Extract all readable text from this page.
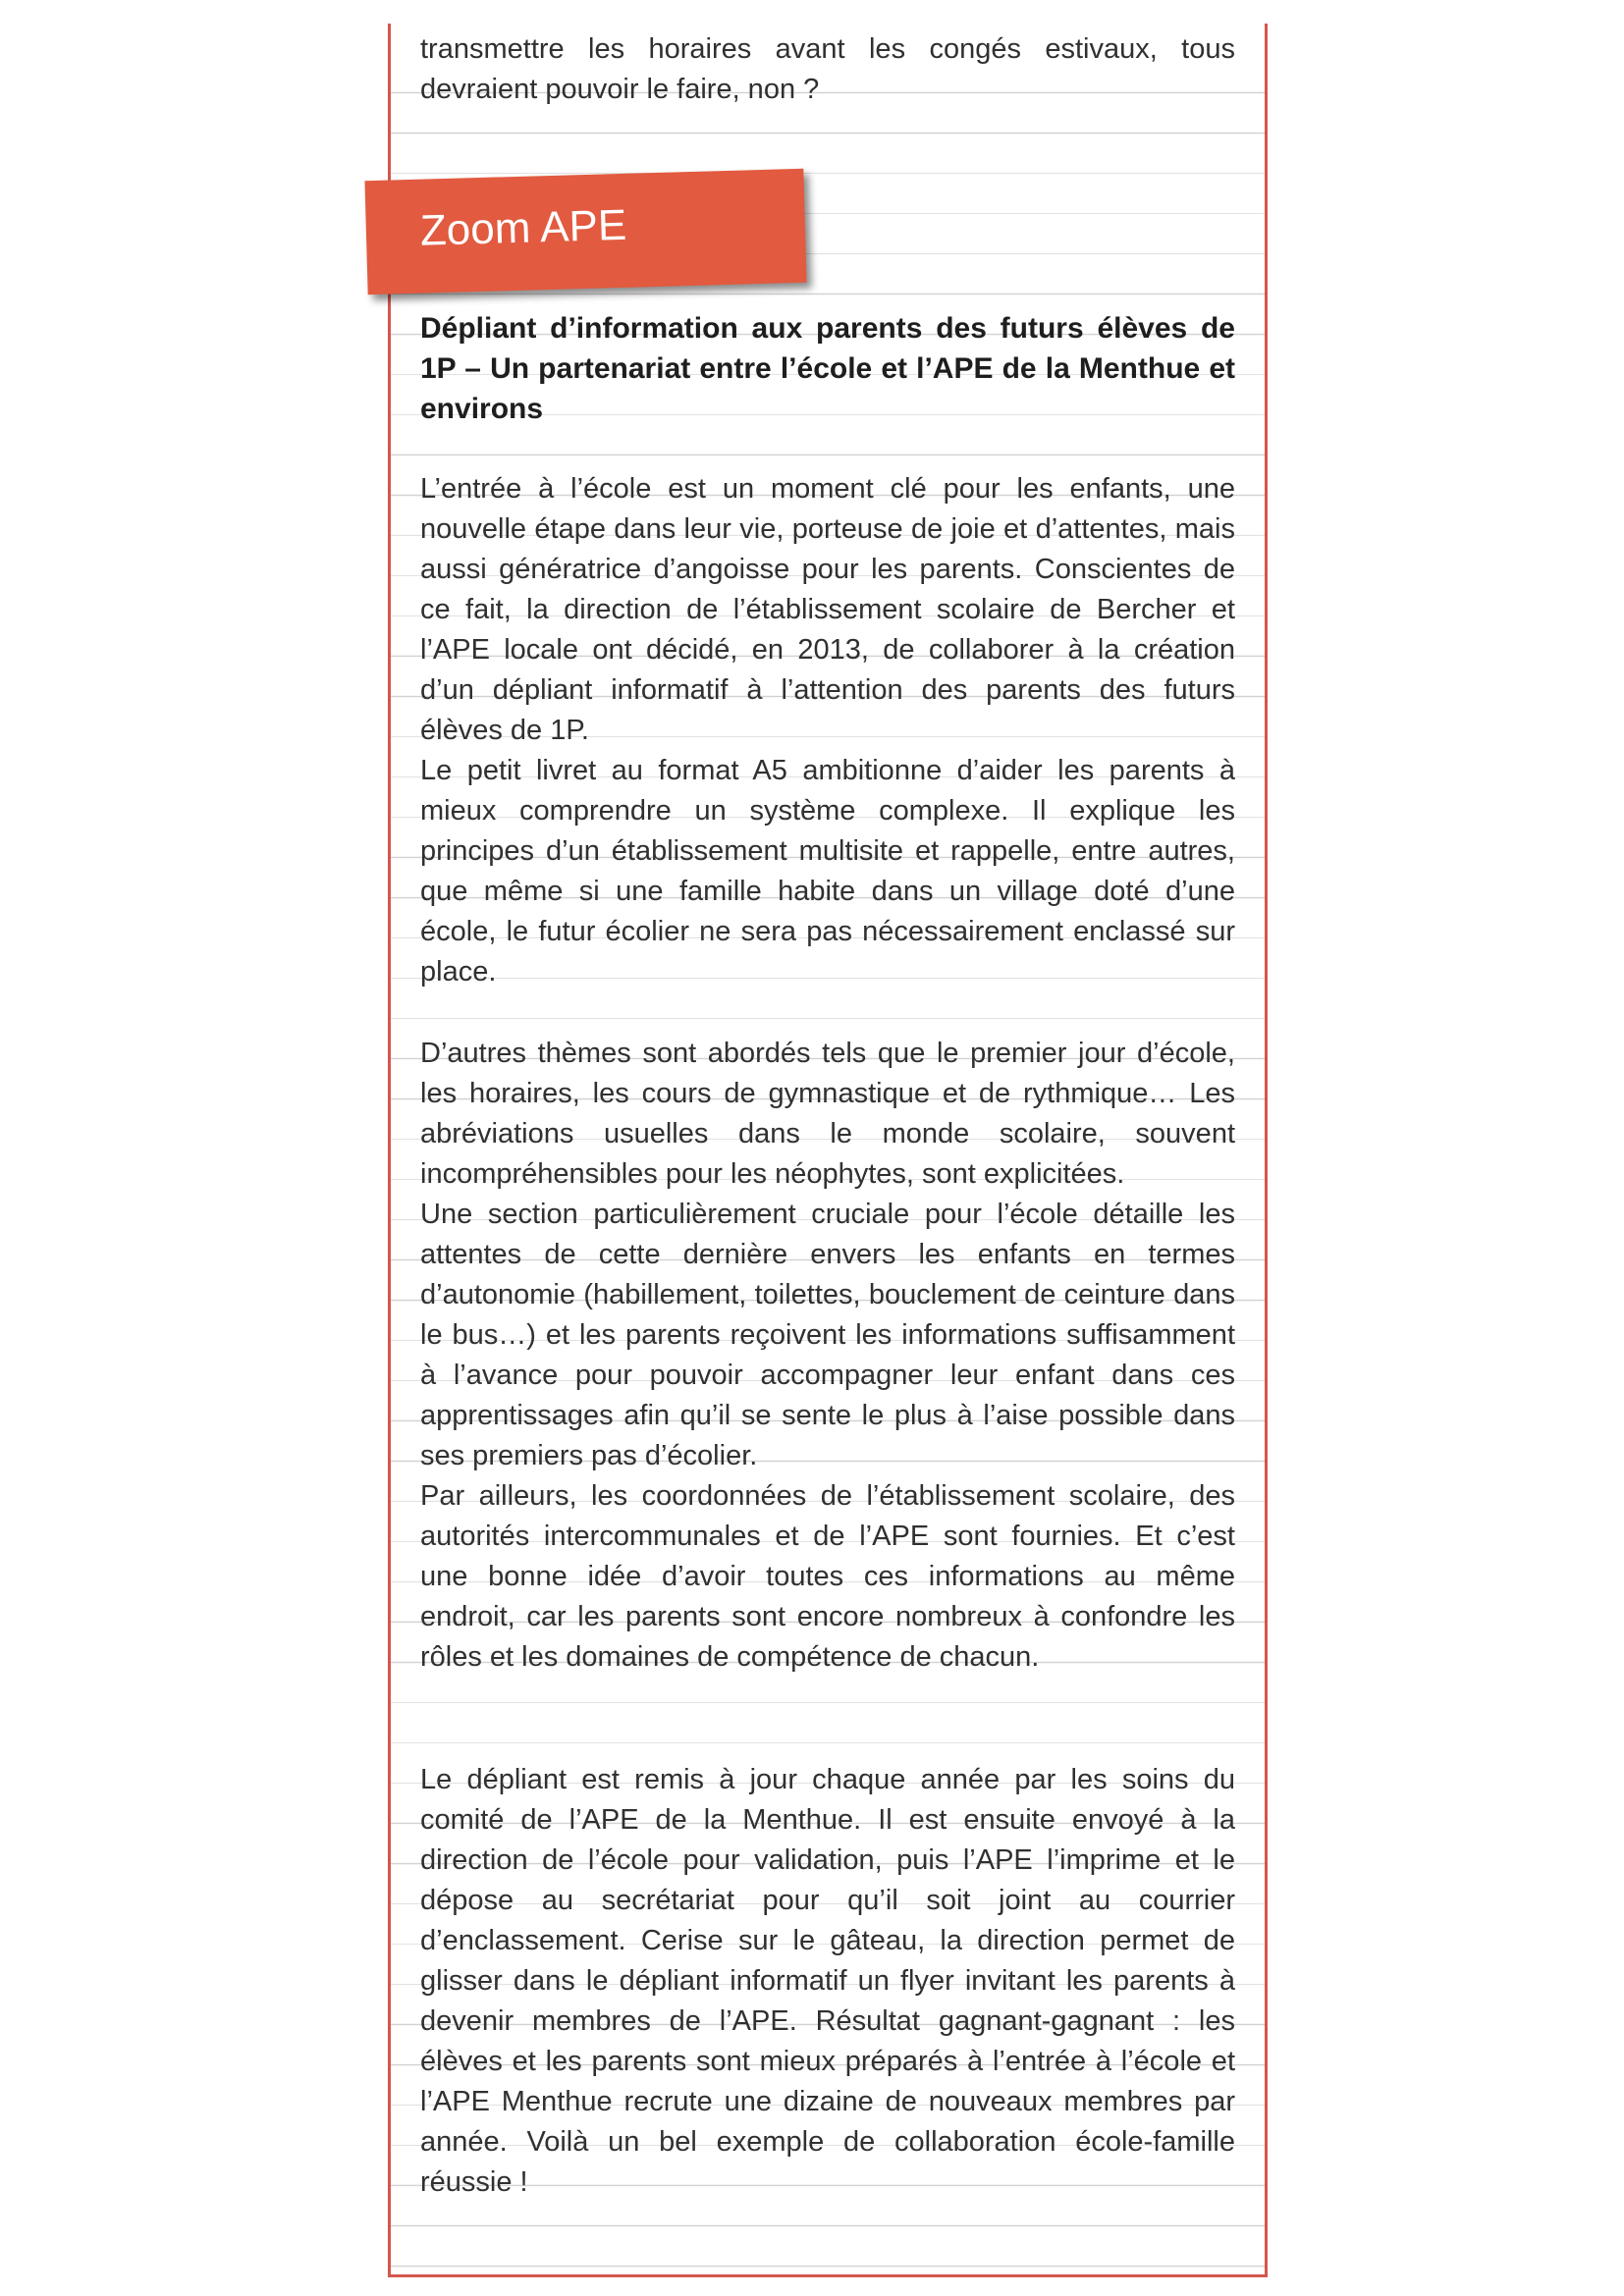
transmettre les horaires avant les congés estivaux, tous devraient pouvoir le faire, non ?

Dépliant d’information aux parents des futurs élèves de 1P – Un partenariat entre l’école et l’APE de la Menthue et environs

L’entrée à l’école est un moment clé pour les enfants, une nouvelle étape dans leur vie, porteuse de joie et d’attentes, mais aussi génératrice d’angoisse pour les parents. Conscientes de ce fait, la direction de l’établissement scolaire de Bercher et l’APE locale ont décidé, en 2013, de collaborer à la création d’un dépliant informatif à l’attention des parents des futurs élèves de 1P.

Le petit livret au format A5 ambitionne d’aider les parents à mieux comprendre un système complexe. Il explique les principes d’un établissement multisite et rappelle, entre autres, que même si une famille habite dans un village doté d’une école, le futur écolier ne sera pas nécessairement enclassé sur place.

D’autres thèmes sont abordés tels que le premier jour d’école, les horaires, les cours de gymnastique et de rythmique… Les abréviations usuelles dans le monde scolaire, souvent incompréhensibles pour les néophytes, sont explicitées.

Une section particulièrement cruciale pour l’école détaille les attentes de cette dernière envers les enfants en termes d’autonomie (habillement, toilettes, bouclement de ceinture dans le bus…) et les parents reçoivent les informations suffisamment à l’avance pour pouvoir accompagner leur enfant dans ces apprentissages afin qu’il se sente le plus à l’aise possible dans ses premiers pas d’écolier.

Par ailleurs, les coordonnées de l’établissement scolaire, des autorités intercommunales et de l’APE sont fournies. Et c’est une bonne idée d’avoir toutes ces informations au même endroit, car les parents sont encore nombreux à confondre les rôles et les domaines de compétence de chacun.

Le dépliant est remis à jour chaque année par les soins du comité de l’APE de la Menthue. Il est ensuite envoyé à la direction de l’école pour validation, puis l’APE l’imprime et le dépose au secrétariat pour qu’il soit joint au courrier d’enclassement. Cerise sur le gâteau, la direction permet de glisser dans le dépliant informatif un flyer invitant les parents à devenir membres de l’APE. Résultat gagnant-gagnant : les élèves et les parents sont mieux préparés à l’entrée à l’école et l’APE Menthue recrute une dizaine de nouveaux membres par année. Voilà un bel exemple de collaboration école-famille réussie !

Zoom APE
